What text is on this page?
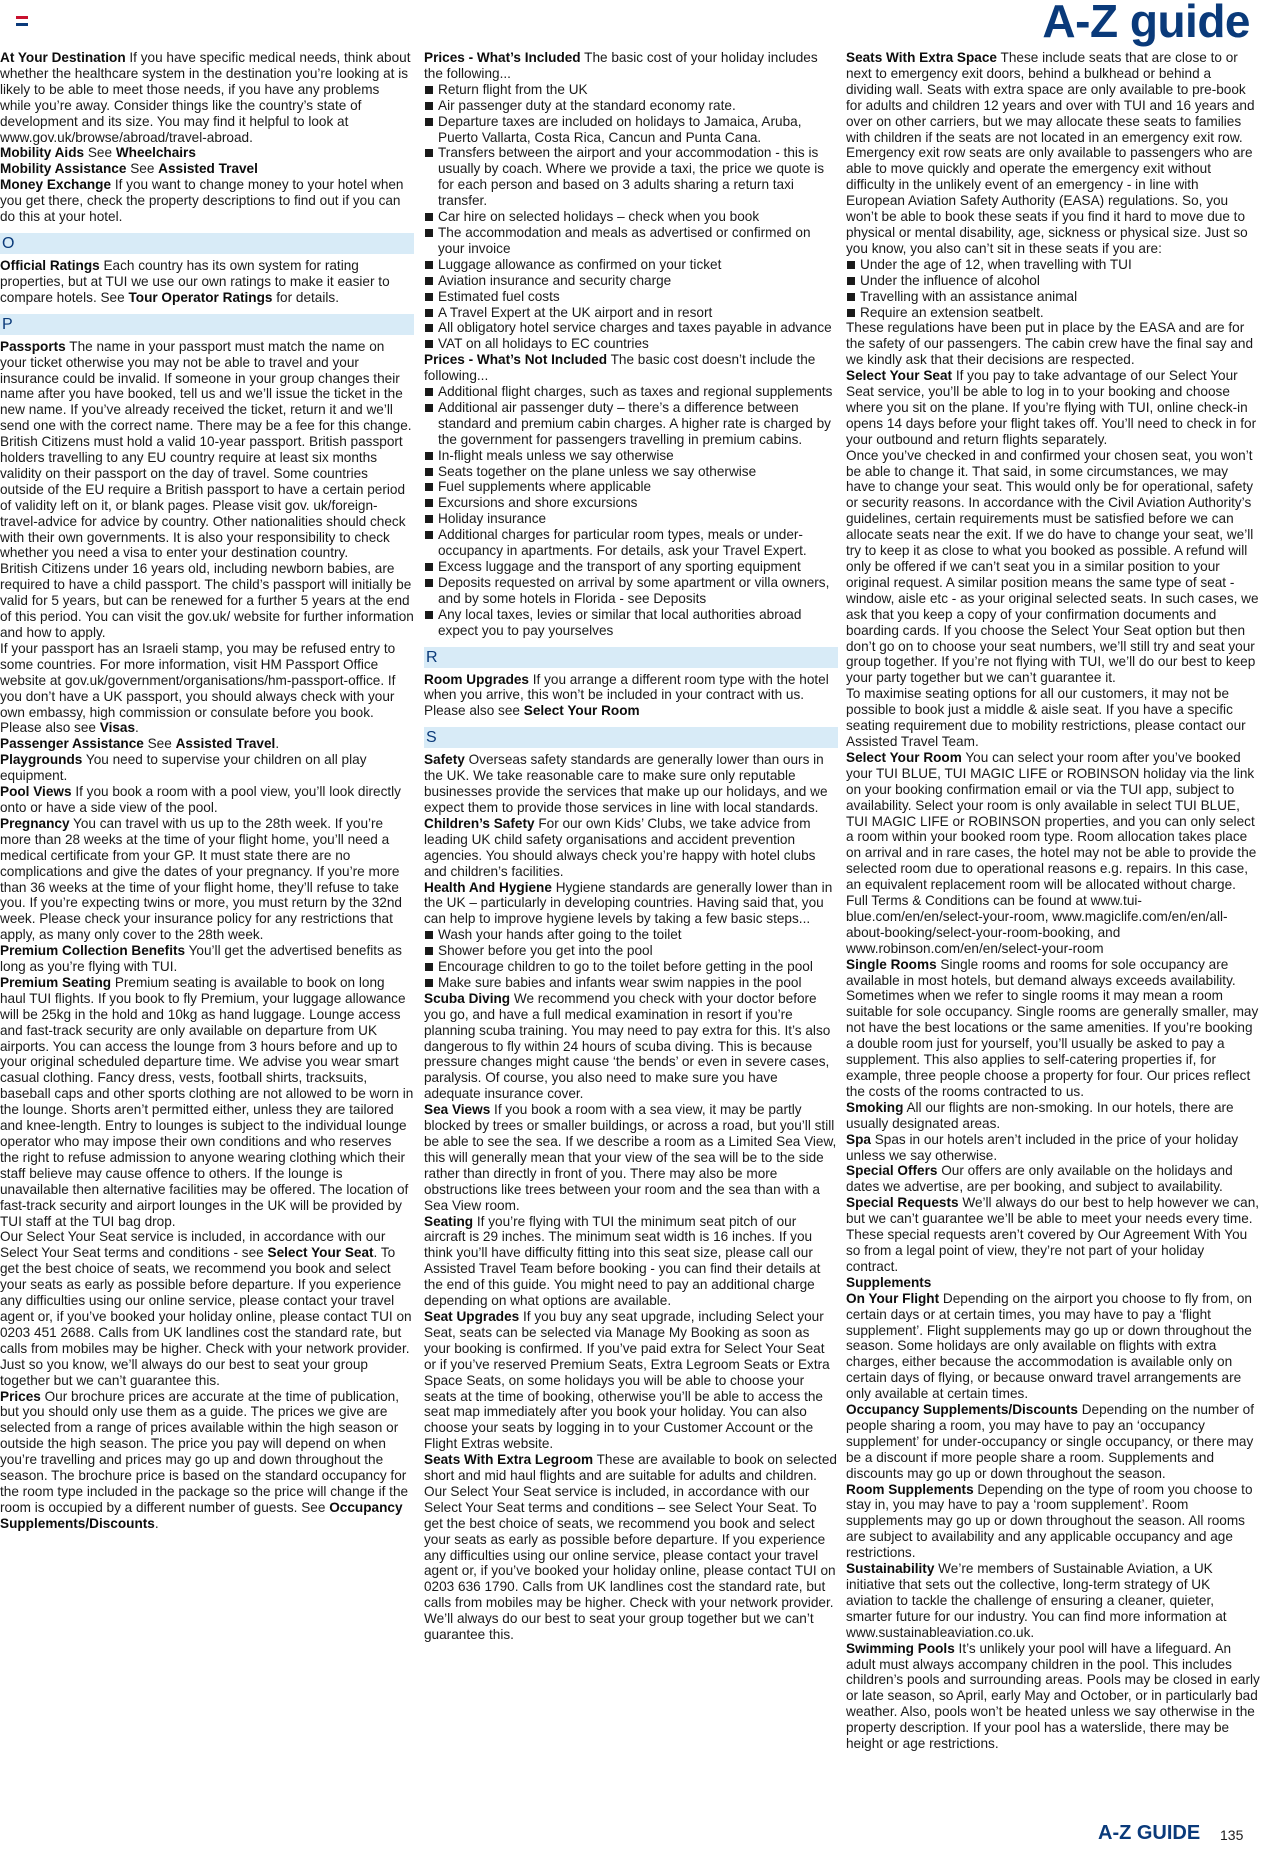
A-Z guide

At Your Destination If you have specific medical needs, think about whether the healthcare system in the destination you’re looking at is likely to be able to meet those needs, if you have any problems while you’re away. Consider things like the country’s state of development and its size. You may find it helpful to look at www.gov.uk/browse/abroad/travel-abroad.

Mobility Aids See Wheelchairs

Mobility Assistance See Assisted Travel

Money Exchange If you want to change money to your hotel when you get there, check the property descriptions to find out if you can do this at your hotel.

O

Official Ratings Each country has its own system for rating properties, but at TUI we use our own ratings to make it easier to compare hotels. See Tour Operator Ratings for details.

P

Passports The name in your passport must match the name on your ticket otherwise you may not be able to travel and your insurance could be invalid. If someone in your group changes their name after you have booked, tell us and we’ll issue the ticket in the new name. If you’ve already received the ticket, return it and we’ll send one with the correct name. There may be a fee for this change. British Citizens must hold a valid 10-year passport. British passport holders travelling to any EU country require at least six months validity on their passport on the day of travel. Some countries outside of the EU require a British passport to have a certain period of validity left on it, or blank pages. Please visit gov. uk/foreign-travel-advice for advice by country. Other nationalities should check with their own governments. It is also your responsibility to check whether you need a visa to enter your destination country.

British Citizens under 16 years old, including newborn babies, are required to have a child passport. The child’s passport will initially be valid for 5 years, but can be renewed for a further 5 years at the end of this period. You can visit the gov.uk/ website for further information and how to apply.

If your passport has an Israeli stamp, you may be refused entry to some countries. For more information, visit HM Passport Office website at gov.uk/government/organisations/hm-passport-office. If you don’t have a UK passport, you should always check with your own embassy, high commission or consulate before you book. Please also see Visas.

Passenger Assistance See Assisted Travel.

Playgrounds You need to supervise your children on all play equipment.

Pool Views If you book a room with a pool view, you’ll look directly onto or have a side view of the pool.

Pregnancy You can travel with us up to the 28th week. If you’re more than 28 weeks at the time of your flight home, you’ll need a medical certificate from your GP. It must state there are no complications and give the dates of your pregnancy. If you’re more than 36 weeks at the time of your flight home, they’ll refuse to take you. If you’re expecting twins or more, you must return by the 32nd week. Please check your insurance policy for any restrictions that apply, as many only cover to the 28th week.

Premium Collection Benefits You’ll get the advertised benefits as long as you’re flying with TUI.

Premium Seating Premium seating is available to book on long haul TUI flights. If you book to fly Premium, your luggage allowance will be 25kg in the hold and 10kg as hand luggage. Lounge access and fast-track security are only available on departure from UK airports. You can access the lounge from 3 hours before and up to your original scheduled departure time. We advise you wear smart casual clothing. Fancy dress, vests, football shirts, tracksuits, baseball caps and other sports clothing are not allowed to be worn in the lounge. Shorts aren’t permitted either, unless they are tailored and knee-length. Entry to lounges is subject to the individual lounge operator who may impose their own conditions and who reserves the right to refuse admission to anyone wearing clothing which their staff believe may cause offence to others. If the lounge is unavailable then alternative facilities may be offered. The location of fast-track security and airport lounges in the UK will be provided by TUI staff at the TUI bag drop.

Our Select Your Seat service is included, in accordance with our Select Your Seat terms and conditions - see Select Your Seat. To get the best choice of seats, we recommend you book and select your seats as early as possible before departure. If you experience any difficulties using our online service, please contact your travel agent or, if you’ve booked your holiday online, please contact TUI on 0203 451 2688. Calls from UK landlines cost the standard rate, but calls from mobiles may be higher. Check with your network provider. Just so you know, we’ll always do our best to seat your group together but we can’t guarantee this.

Prices Our brochure prices are accurate at the time of publication, but you should only use them as a guide. The prices we give are selected from a range of prices available within the high season or outside the high season. The price you pay will depend on when you’re travelling and prices may go up and down throughout the season. The brochure price is based on the standard occupancy for the room type included in the package so the price will change if the room is occupied by a different number of guests. See Occupancy Supplements/Discounts.

Prices - What’s Included The basic cost of your holiday includes the following...

Return flight from the UK
Air passenger duty at the standard economy rate.
Departure taxes are included on holidays to Jamaica, Aruba, Puerto Vallarta, Costa Rica, Cancun and Punta Cana.
Transfers between the airport and your accommodation - this is usually by coach. Where we provide a taxi, the price we quote is for each person and based on 3 adults sharing a return taxi transfer.
Car hire on selected holidays – check when you book
The accommodation and meals as advertised or confirmed on your invoice
Luggage allowance as confirmed on your ticket
Aviation insurance and security charge
Estimated fuel costs
A Travel Expert at the UK airport and in resort
All obligatory hotel service charges and taxes payable in advance
VAT on all holidays to EC countries

Prices - What’s Not Included The basic cost doesn’t include the following...

Additional flight charges, such as taxes and regional supplements
Additional air passenger duty – there’s a difference between standard and premium cabin charges. A higher rate is charged by the government for passengers travelling in premium cabins.
In-flight meals unless we say otherwise
Seats together on the plane unless we say otherwise
Fuel supplements where applicable
Excursions and shore excursions
Holiday insurance
Additional charges for particular room types, meals or under-occupancy in apartments. For details, ask your Travel Expert.
Excess luggage and the transport of any sporting equipment
Deposits requested on arrival by some apartment or villa owners, and by some hotels in Florida - see Deposits
Any local taxes, levies or similar that local authorities abroad expect you to pay yourselves
R

Room Upgrades If you arrange a different room type with the hotel when you arrive, this won’t be included in your contract with us. Please also see Select Your Room

S

Safety Overseas safety standards are generally lower than ours in the UK. We take reasonable care to make sure only reputable businesses provide the services that make up our holidays, and we expect them to provide those services in line with local standards.

Children’s Safety For our own Kids’ Clubs, we take advice from leading UK child safety organisations and accident prevention agencies. You should always check you’re happy with hotel clubs and children’s facilities.

Health And Hygiene Hygiene standards are generally lower than in the UK – particularly in developing countries. Having said that, you can help to improve hygiene levels by taking a few basic steps...

Wash your hands after going to the toilet
Shower before you get into the pool
Encourage children to go to the toilet before getting in the pool
Make sure babies and infants wear swim nappies in the pool

Scuba Diving We recommend you check with your doctor before you go, and have a full medical examination in resort if you’re planning scuba training. You may need to pay extra for this. It’s also dangerous to fly within 24 hours of scuba diving. This is because pressure changes might cause ‘the bends’ or even in severe cases, paralysis. Of course, you also need to make sure you have adequate insurance cover.

Sea Views If you book a room with a sea view, it may be partly blocked by trees or smaller buildings, or across a road, but you’ll still be able to see the sea. If we describe a room as a Limited Sea View, this will generally mean that your view of the sea will be to the side rather than directly in front of you. There may also be more obstructions like trees between your room and the sea than with a Sea View room.

Seating If you’re flying with TUI the minimum seat pitch of our aircraft is 29 inches. The minimum seat width is 16 inches. If you think you’ll have difficulty fitting into this seat size, please call our Assisted Travel Team before booking - you can find their details at the end of this guide. You might need to pay an additional charge depending on what options are available.

Seat Upgrades If you buy any seat upgrade, including Select your Seat, seats can be selected via Manage My Booking as soon as your booking is confirmed. If you’ve paid extra for Select Your Seat or if you’ve reserved Premium Seats, Extra Legroom Seats or Extra Space Seats, on some holidays you will be able to choose your seats at the time of booking, otherwise you’ll be able to access the seat map immediately after you book your holiday. You can also choose your seats by logging in to your Customer Account or the Flight Extras website.

Seats With Extra Legroom These are available to book on selected short and mid haul flights and are suitable for adults and children. Our Select Your Seat service is included, in accordance with our Select Your Seat terms and conditions – see Select Your Seat. To get the best choice of seats, we recommend you book and select your seats as early as possible before departure. If you experience any difficulties using our online service, please contact your travel agent or, if you’ve booked your holiday online, please contact TUI on 0203 636 1790. Calls from UK landlines cost the standard rate, but calls from mobiles may be higher. Check with your network provider. We’ll always do our best to seat your group together but we can’t guarantee this.

Seats With Extra Space These include seats that are close to or next to emergency exit doors, behind a bulkhead or behind a dividing wall. Seats with extra space are only available to pre-book for adults and children 12 years and over with TUI and 16 years and over on other carriers, but we may allocate these seats to families with children if the seats are not located in an emergency exit row. Emergency exit row seats are only available to passengers who are able to move quickly and operate the emergency exit without difficulty in the unlikely event of an emergency - in line with European Aviation Safety Authority (EASA) regulations. So, you won’t be able to book these seats if you find it hard to move due to physical or mental disability, age, sickness or physical size. Just so you know, you also can’t sit in these seats if you are:

Under the age of 12, when travelling with TUI
Under the influence of alcohol
Travelling with an assistance animal
Require an extension seatbelt.

These regulations have been put in place by the EASA and are for the safety of our passengers. The cabin crew have the final say and we kindly ask that their decisions are respected.

Select Your Seat If you pay to take advantage of our Select Your Seat service, you’ll be able to log in to your booking and choose where you sit on the plane. If you’re flying with TUI, online check-in opens 14 days before your flight takes off. You’ll need to check in for your outbound and return flights separately.

Once you’ve checked in and confirmed your chosen seat, you won’t be able to change it. That said, in some circumstances, we may have to change your seat. This would only be for operational, safety or security reasons. In accordance with the Civil Aviation Authority’s guidelines, certain requirements must be satisfied before we can allocate seats near the exit. If we do have to change your seat, we’ll try to keep it as close to what you booked as possible. A refund will only be offered if we can’t seat you in a similar position to your original request. A similar position means the same type of seat - window, aisle etc - as your original selected seats. In such cases, we ask that you keep a copy of your confirmation documents and boarding cards. If you choose the Select Your Seat option but then don’t go on to choose your seat numbers, we’ll still try and seat your group together. If you’re not flying with TUI, we’ll do our best to keep your party together but we can’t guarantee it.

To maximise seating options for all our customers, it may not be possible to book just a middle & aisle seat. If you have a specific seating requirement due to mobility restrictions, please contact our Assisted Travel Team.

Select Your Room You can select your room after you’ve booked your TUI BLUE, TUI MAGIC LIFE or ROBINSON holiday via the link on your booking confirmation email or via the TUI app, subject to availability. Select your room is only available in select TUI BLUE, TUI MAGIC LIFE or ROBINSON properties, and you can only select a room within your booked room type. Room allocation takes place on arrival and in rare cases, the hotel may not be able to provide the selected room due to operational reasons e.g. repairs. In this case, an equivalent replacement room will be allocated without charge. Full Terms & Conditions can be found at www.tui-blue.com/en/en/select-your-room, www.magiclife.com/en/en/all-about-booking/select-your-room-booking, and www.robinson.com/en/en/select-your-room

Single Rooms Single rooms and rooms for sole occupancy are available in most hotels, but demand always exceeds availability. Sometimes when we refer to single rooms it may mean a room suitable for sole occupancy. Single rooms are generally smaller, may not have the best locations or the same amenities. If you’re booking a double room just for yourself, you’ll usually be asked to pay a supplement. This also applies to self-catering properties if, for example, three people choose a property for four. Our prices reflect the costs of the rooms contracted to us.

Smoking All our flights are non-smoking. In our hotels, there are usually designated areas.

Spa Spas in our hotels aren’t included in the price of your holiday unless we say otherwise.

Special Offers Our offers are only available on the holidays and dates we advertise, are per booking, and subject to availability.

Special Requests We’ll always do our best to help however we can, but we can’t guarantee we’ll be able to meet your needs every time. These special requests aren’t covered by Our Agreement With You so from a legal point of view, they’re not part of your holiday contract.

Supplements

On Your Flight Depending on the airport you choose to fly from, on certain days or at certain times, you may have to pay a ‘flight supplement’. Flight supplements may go up or down throughout the season. Some holidays are only available on flights with extra charges, either because the accommodation is available only on certain days of flying, or because onward travel arrangements are only available at certain times.

Occupancy Supplements/Discounts Depending on the number of people sharing a room, you may have to pay an ‘occupancy supplement’ for under-occupancy or single occupancy, or there may be a discount if more people share a room. Supplements and discounts may go up or down throughout the season.

Room Supplements Depending on the type of room you choose to stay in, you may have to pay a ‘room supplement’. Room supplements may go up or down throughout the season. All rooms are subject to availability and any applicable occupancy and age restrictions.

Sustainability We’re members of Sustainable Aviation, a UK initiative that sets out the collective, long-term strategy of UK aviation to tackle the challenge of ensuring a cleaner, quieter, smarter future for our industry. You can find more information at www.sustainableaviation.co.uk.

Swimming Pools It’s unlikely your pool will have a lifeguard. An adult must always accompany children in the pool. This includes children’s pools and surrounding areas. Pools may be closed in early or late season, so April, early May and October, or in particularly bad weather. Also, pools won’t be heated unless we say otherwise in the property description. If your pool has a waterslide, there may be height or age restrictions.

A-Z GUIDE 135
